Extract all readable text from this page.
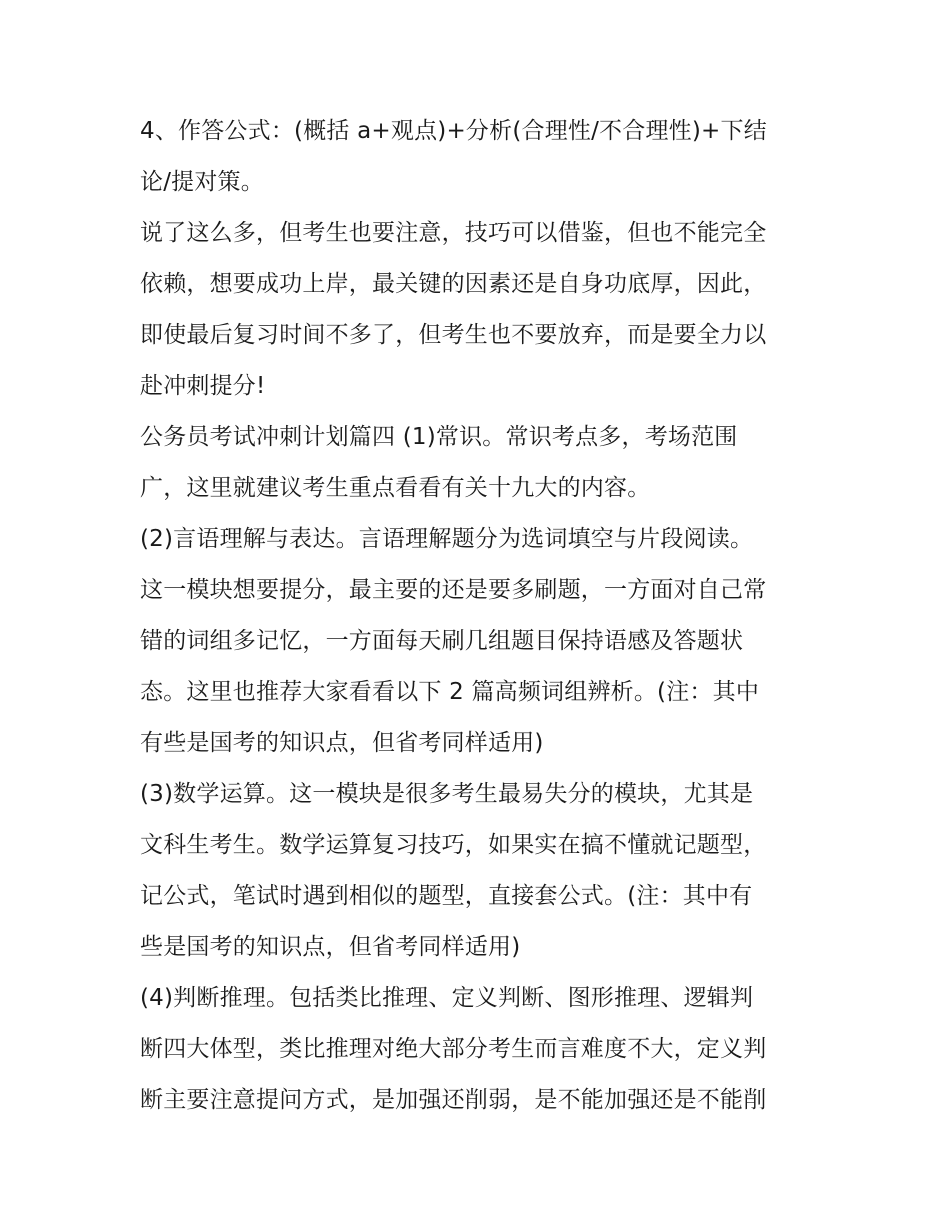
4、作答公式：(概括 a+观点)+分析(合理性/不合理性)+下结
论/提对策。
说了这么多，但考生也要注意，技巧可以借鉴，但也不能完全
依赖，想要成功上岸，最关键的因素还是自身功底厚，因此，
即使最后复习时间不多了，但考生也不要放弃，而是要全力以
赴冲刺提分!
公务员考试冲刺计划篇四 (1)常识。常识考点多，考场范围
广，这里就建议考生重点看看有关十九大的内容。
(2)言语理解与表达。言语理解题分为选词填空与片段阅读。
这一模块想要提分，最主要的还是要多刷题，一方面对自己常
错的词组多记忆，一方面每天刷几组题目保持语感及答题状
态。这里也推荐大家看看以下 2 篇高频词组辨析。(注：其中
有些是国考的知识点，但省考同样适用)
(3)数学运算。这一模块是很多考生最易失分的模块，尤其是
文科生考生。数学运算复习技巧，如果实在搞不懂就记题型，
记公式，笔试时遇到相似的题型，直接套公式。(注：其中有
些是国考的知识点，但省考同样适用)
(4)判断推理。包括类比推理、定义判断、图形推理、逻辑判
断四大体型，类比推理对绝大部分考生而言难度不大，定义判
断主要注意提问方式，是加强还削弱，是不能加强还是不能削
